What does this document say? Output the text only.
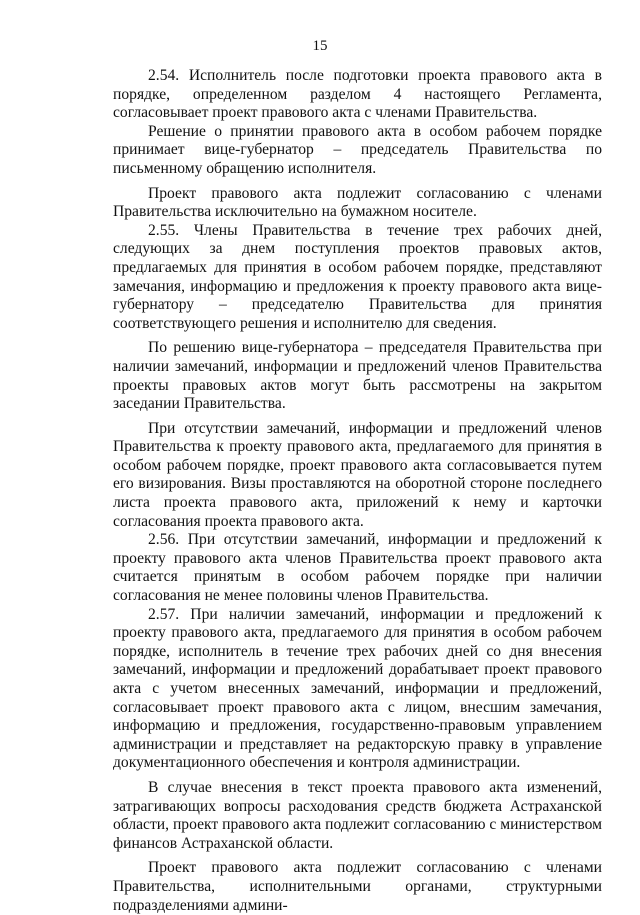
15

2.54. Исполнитель после подготовки проекта правового акта в порядке, определенном разделом 4 настоящего Регламента, согласовывает проект правового акта с членами Правительства.

Решение о принятии правового акта в особом рабочем порядке принимает вице-губернатор – председатель Правительства по письменному обращению исполнителя.

Проект правового акта подлежит согласованию с членами Правительства исключительно на бумажном носителе.

2.55. Члены Правительства в течение трех рабочих дней, следующих за днем поступления проектов правовых актов, предлагаемых для принятия в особом рабочем порядке, представляют замечания, информацию и предложения к проекту правового акта вице-губернатору – председателю Правительства для принятия соответствующего решения и исполнителю для сведения.

По решению вице-губернатора – председателя Правительства при наличии замечаний, информации и предложений членов Правительства проекты правовых актов могут быть рассмотрены на закрытом заседании Правительства.

При отсутствии замечаний, информации и предложений членов Правительства к проекту правового акта, предлагаемого для принятия в особом рабочем порядке, проект правового акта согласовывается путем его визирования. Визы проставляются на оборотной стороне последнего листа проекта правового акта, приложений к нему и карточки согласования проекта правового акта.

2.56. При отсутствии замечаний, информации и предложений к проекту правового акта членов Правительства проект правового акта считается принятым в особом рабочем порядке при наличии согласования не менее половины членов Правительства.

2.57. При наличии замечаний, информации и предложений к проекту правового акта, предлагаемого для принятия в особом рабочем порядке, исполнитель в течение трех рабочих дней со дня внесения замечаний, информации и предложений дорабатывает проект правового акта с учетом внесенных замечаний, информации и предложений, согласовывает проект правового акта с лицом, внесшим замечания, информацию и предложения, государственно-правовым управлением администрации и представляет на редакторскую правку в управление документационного обеспечения и контроля администрации.

В случае внесения в текст проекта правового акта изменений, затрагивающих вопросы расходования средств бюджета Астраханской области, проект правового акта подлежит согласованию с министерством финансов Астраханской области.

Проект правового акта подлежит согласованию с членами Правительства, исполнительными органами, структурными подразделениями админи-
